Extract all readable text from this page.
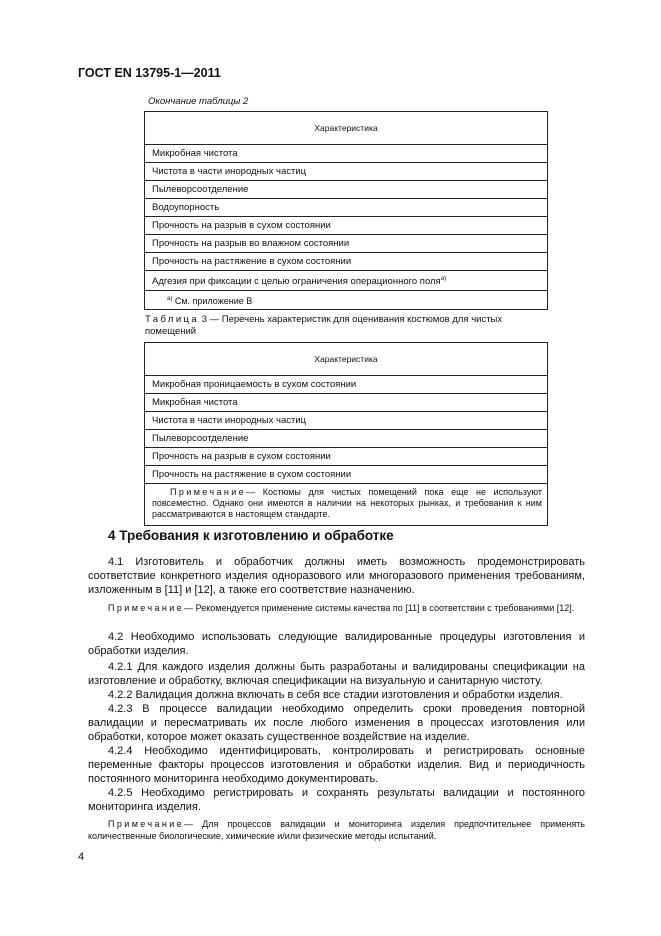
ГОСТ EN 13795-1—2011
Окончание таблицы 2
Характеристика
Микробная чистота
Чистота в части инородных частиц
Пылеворсоотделение
Водоупорность
Прочность на разрыв в сухом состоянии
Прочность на разрыв во влажном состоянии
Прочность на растяжение в сухом состоянии
Адгезия при фиксации с целью ограничения операционного поля$^{а)}$
$^{а)}$ См. приложение В
Таблица 3 — Перечень характеристик для оценивания костюмов для чистых помещений
Характеристика
Микробная проницаемость в сухом состоянии
Микробная чистота
Чистота в части инородных частиц
Пылеворсоотделение
Прочность на разрыв в сухом состоянии
Прочность на растяжение в сухом состоянии
Примечание— Костюмы для чистых помещений пока еще не используют повсеместно. Однако они имеются в наличии на некоторых рынках, и требования к ним рассматриваются в настоящем стандарте.
4 Требования к изготовлению и обработке
4.1 Изготовитель и обработчик должны иметь возможность продемонстрировать соответствие конкретного изделия одноразового или многоразового применения требованиям, изложенным в [11] и [12], а также его соответствие назначению.
Примечание— Рекомендуется применение системы качества по [11] в соответствии с требованиями [12].
4.2 Необходимо использовать следующие валидированные процедуры изготовления и обработки изделия.
4.2.1 Для каждого изделия должны быть разработаны и валидированы спецификации на изготовление и обработку, включая спецификации на визуальную и санитарную чистоту.
4.2.2 Валидация должна включать в себя все стадии изготовления и обработки изделия.
4.2.3 В процессе валидации необходимо определить сроки проведения повторной валидации и пересматривать их после любого изменения в процессах изготовления или обработки, которое может оказать существенное воздействие на изделие.
4.2.4 Необходимо идентифицировать, контролировать и регистрировать основные переменные факторы процессов изготовления и обработки изделия. Вид и периодичность постоянного мониторинга необходимо документировать.
4.2.5 Необходимо регистрировать и сохранять результаты валидации и постоянного мониторинга изделия.
Примечание— Для процессов валидации и мониторинга изделия предпочтительнее применять количественные биологические, химические и/или физические методы испытаний.
4
